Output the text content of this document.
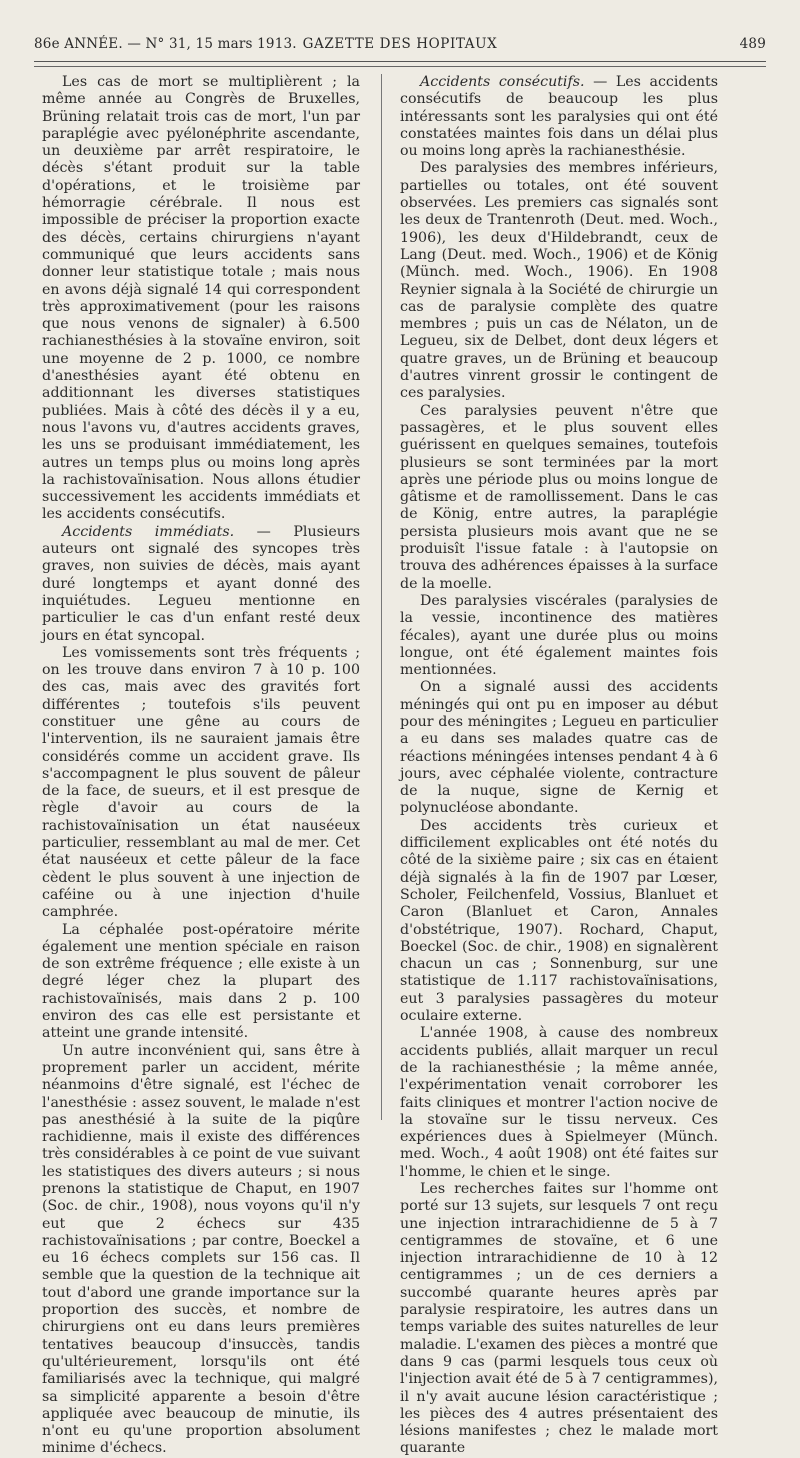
86e ANNÉE. — N° 31, 15 mars 1913. GAZETTE DES HOPITAUX	489

Les cas de mort se multiplièrent ; la même année au Congrès de Bruxelles, Brüning relatait trois cas de mort, l'un par paraplégie avec pyélonéphrite ascendante, un deuxième par arrêt respiratoire, le décès s'étant produit sur la table d'opérations, et le troisième par hémorragie cérébrale. Il nous est impossible de préciser la proportion exacte des décès, certains chirurgiens n'ayant communiqué que leurs accidents sans donner leur statistique totale ; mais nous en avons déjà signalé 14 qui correspondent très approximativement (pour les raisons que nous venons de signaler) à 6.500 rachianesthésies à la stovaïne environ, soit une moyenne de 2 p. 1000, ce nombre d'anesthésies ayant été obtenu en additionnant les diverses statistiques publiées. Mais à côté des décès il y a eu, nous l'avons vu, d'autres accidents graves, les uns se produisant immédiatement, les autres un temps plus ou moins long après la rachistovaïnisation. Nous allons étudier successivement les accidents immédiats et les accidents consécutifs.

Accidents immédiats. — Plusieurs auteurs ont signalé des syncopes très graves, non suivies de décès, mais ayant duré longtemps et ayant donné des inquiétudes. Legueu mentionne en particulier le cas d'un enfant resté deux jours en état syncopal.

Les vomissements sont très fréquents ; on les trouve dans environ 7 à 10 p. 100 des cas, mais avec des gravités fort différentes ; toutefois s'ils peuvent constituer une gêne au cours de l'intervention, ils ne sauraient jamais être considérés comme un accident grave. Ils s'accompagnent le plus souvent de pâleur de la face, de sueurs, et il est presque de règle d'avoir au cours de la rachistovaïnisation un état nauséeux particulier, ressemblant au mal de mer. Cet état nauséeux et cette pâleur de la face cèdent le plus souvent à une injection de caféine ou à une injection d'huile camphrée.

La céphalée post-opératoire mérite également une mention spéciale en raison de son extrême fréquence ; elle existe à un degré léger chez la plupart des rachistovaïnisés, mais dans 2 p. 100 environ des cas elle est persistante et atteint une grande intensité.

Un autre inconvénient qui, sans être à proprement parler un accident, mérite néanmoins d'être signalé, est l'échec de l'anesthésie : assez souvent, le malade n'est pas anesthésié à la suite de la piqûre rachidienne, mais il existe des différences très considérables à ce point de vue suivant les statistiques des divers auteurs ; si nous prenons la statistique de Chaput, en 1907 (Soc. de chir., 1908), nous voyons qu'il n'y eut que 2 échecs sur 435 rachistovaïnisations ; par contre, Boeckel a eu 16 échecs complets sur 156 cas. Il semble que la question de la technique ait tout d'abord une grande importance sur la proportion des succès, et nombre de chirurgiens ont eu dans leurs premières tentatives beaucoup d'insuccès, tandis qu'ultérieurement, lorsqu'ils ont été familiarisés avec la technique, qui malgré sa simplicité apparente a besoin d'être appliquée avec beaucoup de minutie, ils n'ont eu qu'une proportion absolument minime d'échecs.

Accidents consécutifs. — Les accidents consécutifs de beaucoup les plus intéressants sont les paralysies qui ont été constatées maintes fois dans un délai plus ou moins long après la rachianesthésie.

Des paralysies des membres inférieurs, partielles ou totales, ont été souvent observées. Les premiers cas signalés sont les deux de Trantenroth (Deut. med. Woch., 1906), les deux d'Hildebrandt, ceux de Lang (Deut. med. Woch., 1906) et de König (Münch. med. Woch., 1906). En 1908 Reynier signala à la Société de chirurgie un cas de paralysie complète des quatre membres ; puis un cas de Nélaton, un de Legueu, six de Delbet, dont deux légers et quatre graves, un de Brüning et beaucoup d'autres vinrent grossir le contingent de ces paralysies.

Ces paralysies peuvent n'être que passagères, et le plus souvent elles guérissent en quelques semaines, toutefois plusieurs se sont terminées par la mort après une période plus ou moins longue de gâtisme et de ramollissement. Dans le cas de König, entre autres, la paraplégie persista plusieurs mois avant que ne se produisît l'issue fatale : à l'autopsie on trouva des adhérences épaisses à la surface de la moelle.

Des paralysies viscérales (paralysies de la vessie, incontinence des matières fécales), ayant une durée plus ou moins longue, ont été également maintes fois mentionnées.

On a signalé aussi des accidents méningés qui ont pu en imposer au début pour des méningites ; Legueu en particulier a eu dans ses malades quatre cas de réactions méningées intenses pendant 4 à 6 jours, avec céphalée violente, contracture de la nuque, signe de Kernig et polynucléose abondante.

Des accidents très curieux et difficilement explicables ont été notés du côté de la sixième paire ; six cas en étaient déjà signalés à la fin de 1907 par Lœser, Scholer, Feilchenfeld, Vossius, Blanluet et Caron (Blanluet et Caron, Annales d'obstétrique, 1907). Rochard, Chaput, Boeckel (Soc. de chir., 1908) en signalèrent chacun un cas ; Sonnenburg, sur une statistique de 1.117 rachistovaïnisations, eut 3 paralysies passagères du moteur oculaire externe.

L'année 1908, à cause des nombreux accidents publiés, allait marquer un recul de la rachianesthésie ; la même année, l'expérimentation venait corroborer les faits cliniques et montrer l'action nocive de la stovaïne sur le tissu nerveux. Ces expériences dues à Spielmeyer (Münch. med. Woch., 4 août 1908) ont été faites sur l'homme, le chien et le singe.

Les recherches faites sur l'homme ont porté sur 13 sujets, sur lesquels 7 ont reçu une injection intrarachidienne de 5 à 7 centigrammes de stovaïne, et 6 une injection intrarachidienne de 10 à 12 centigrammes ; un de ces derniers a succombé quarante heures après par paralysie respiratoire, les autres dans un temps variable des suites naturelles de leur maladie. L'examen des pièces a montré que dans 9 cas (parmi lesquels tous ceux où l'injection avait été de 5 à 7 centigrammes), il n'y avait aucune lésion caractéristique ; les pièces des 4 autres présentaient des lésions manifestes ; chez le malade mort quarante
